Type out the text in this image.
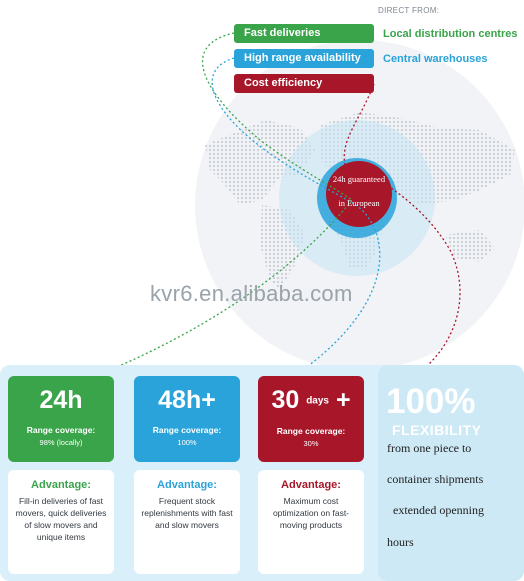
DIRECT FROM:
Fast deliveries
High range availability
Cost efficiency
Local distribution centres
Central warehouses
24h guaranteed
in European
kvr6.en.alibaba.com
24h
Range coverage:
98% (locally)
48h+
Range coverage:
100%
30 days +
Range coverage:
30%
Advantage:
Fill-in deliveries of fast movers, quick deliveries of slow movers and unique items
Advantage:
Frequent stock replenishments with fast and slow movers
Advantage:
Maximum cost optimization on fast-moving products
100%
FLEXIBILITY
from one piece to
container shipments
extended openning
hours
